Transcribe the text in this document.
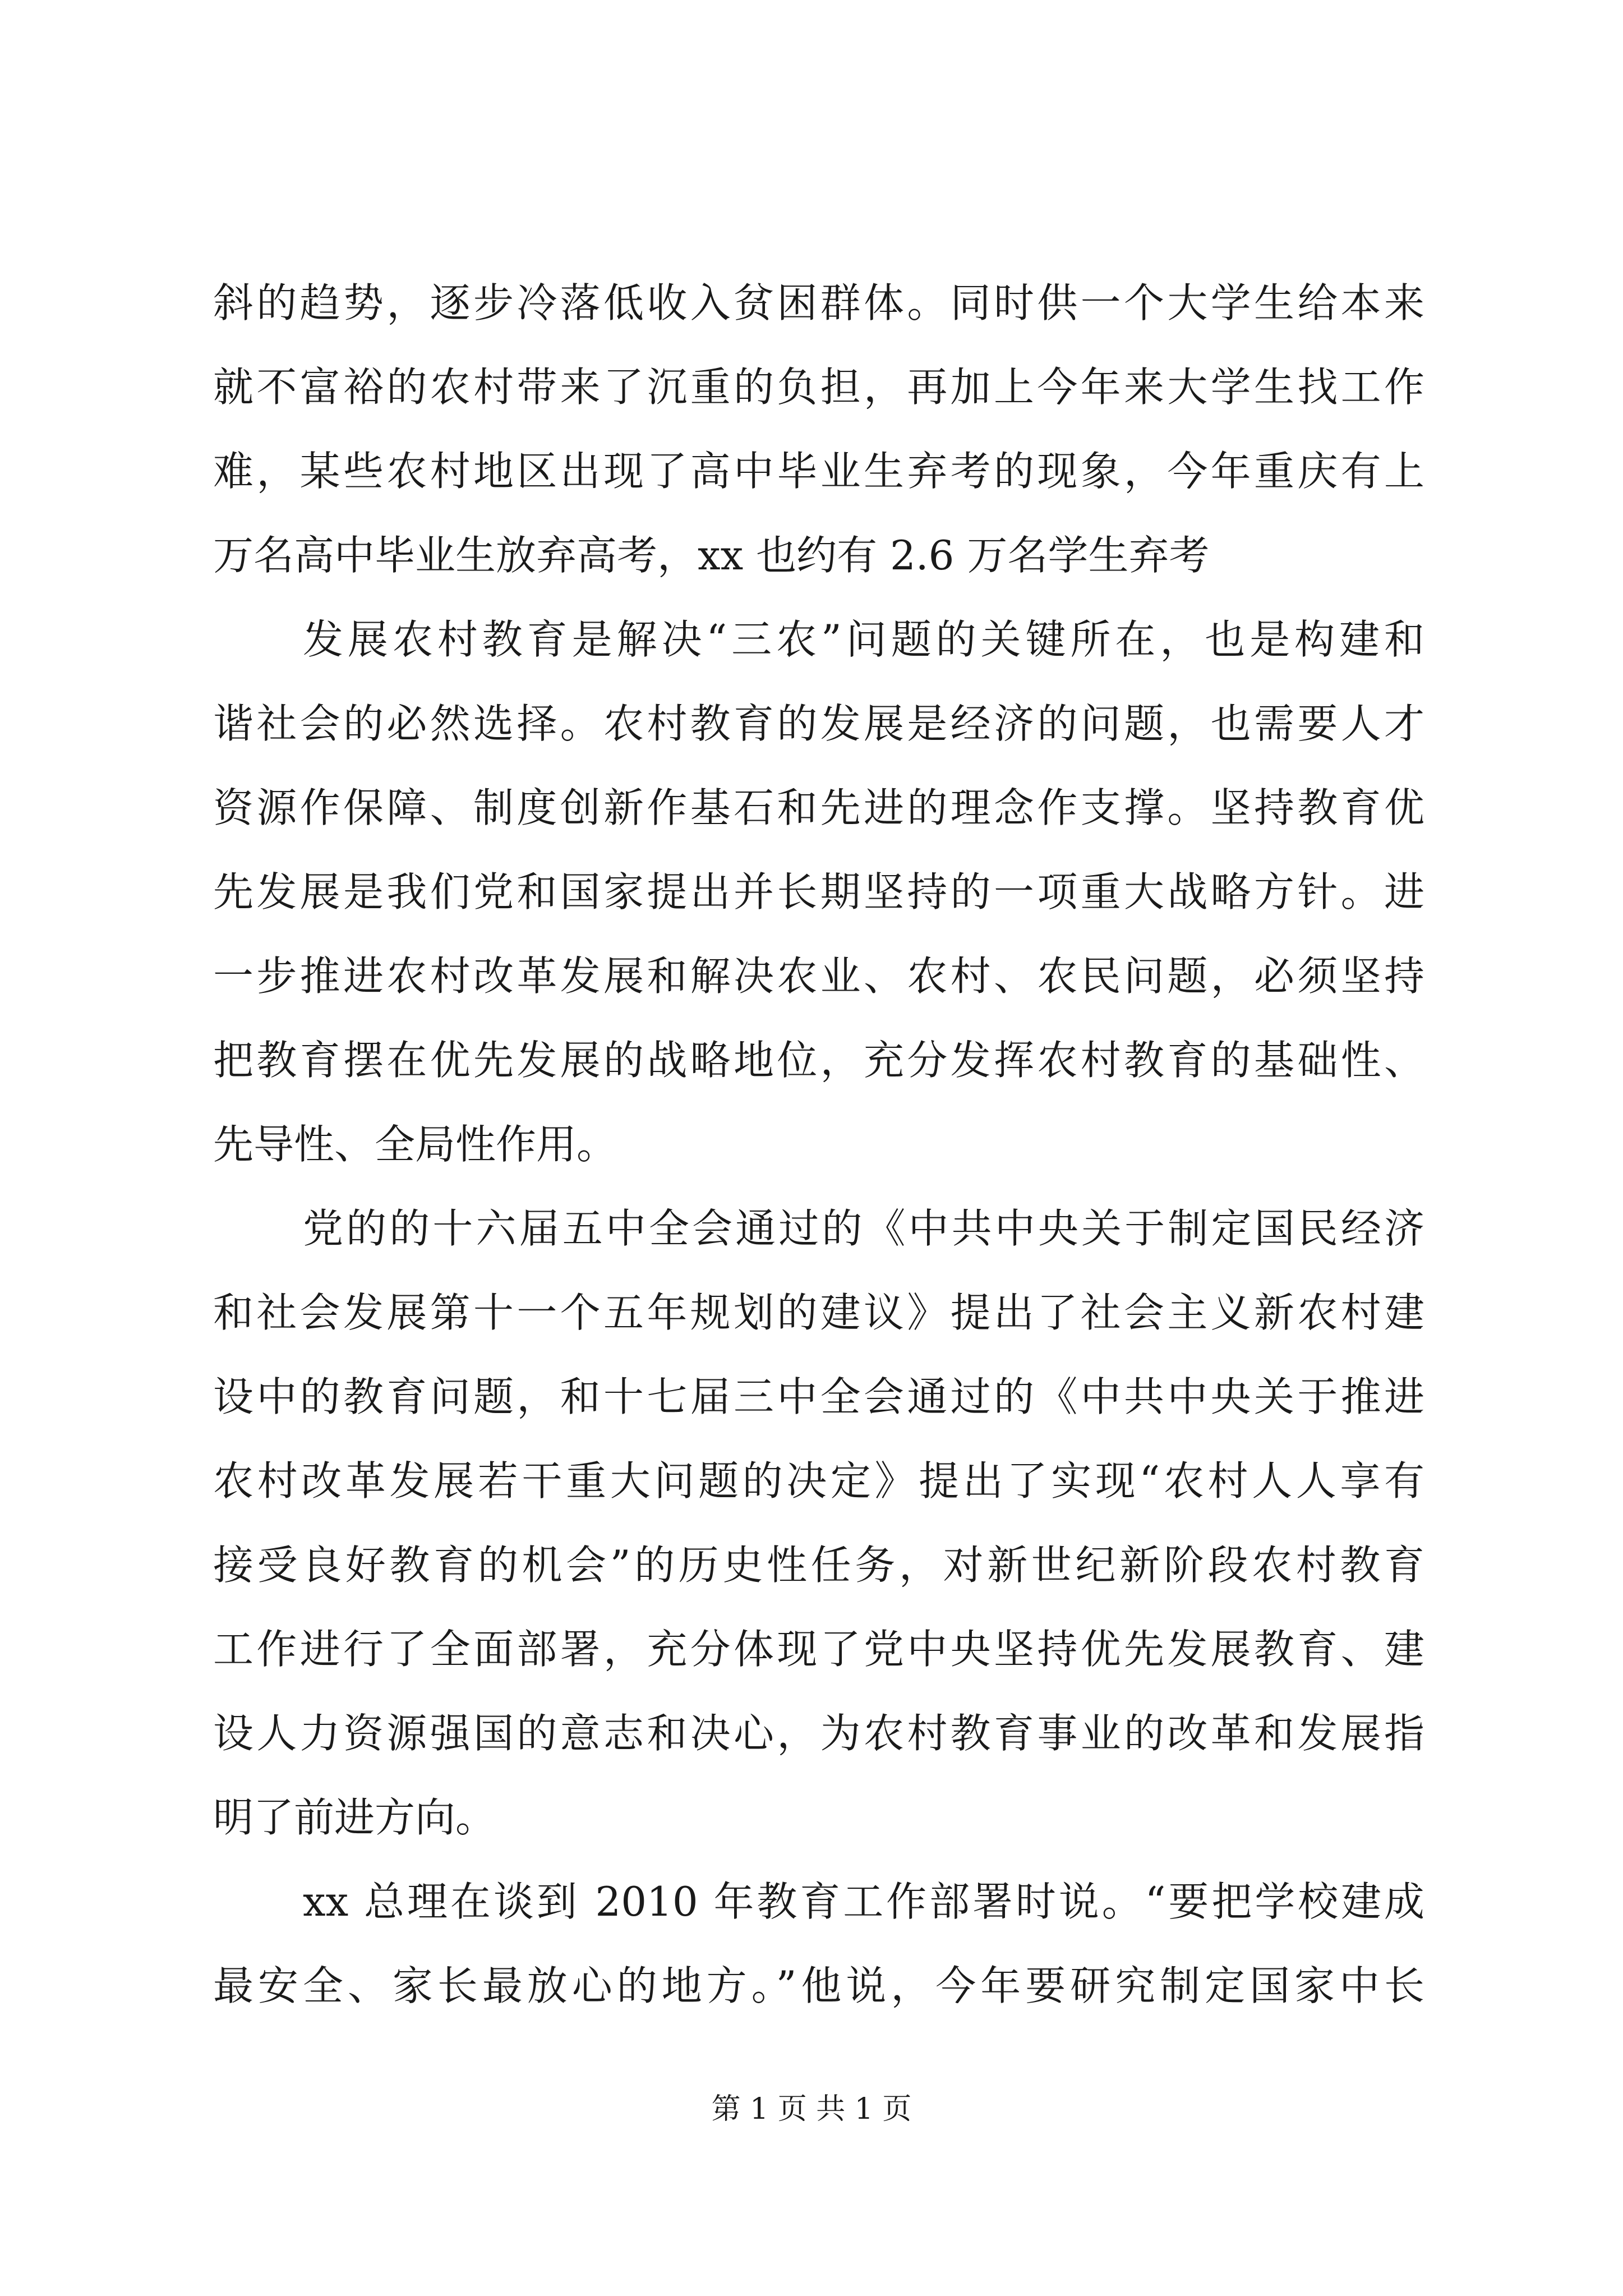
斜的趋势，逐步冷落低收入贫困群体。同时供一个大学生给本来
就不富裕的农村带来了沉重的负担，再加上今年来大学生找工作
难，某些农村地区出现了高中毕业生弃考的现象，今年重庆有上
万名高中毕业生放弃高考，xx 也约有 2.6 万名学生弃考
发展农村教育是解决“三农”问题的关键所在，也是构建和
谐社会的必然选择。农村教育的发展是经济的问题，也需要人才
资源作保障、制度创新作基石和先进的理念作支撑。坚持教育优
先发展是我们党和国家提出并长期坚持的一项重大战略方针。进
一步推进农村改革发展和解决农业、农村、农民问题，必须坚持
把教育摆在优先发展的战略地位，充分发挥农村教育的基础性、
先导性、全局性作用。
党的的十六届五中全会通过的《中共中央关于制定国民经济
和社会发展第十一个五年规划的建议》提出了社会主义新农村建
设中的教育问题，和十七届三中全会通过的《中共中央关于推进
农村改革发展若干重大问题的决定》提出了实现“农村人人享有
接受良好教育的机会”的历史性任务，对新世纪新阶段农村教育
工作进行了全面部署，充分体现了党中央坚持优先发展教育、建
设人力资源强国的意志和决心，为农村教育事业的改革和发展指
明了前进方向。
xx 总理在谈到 2010 年教育工作部署时说。“要把学校建成
最安全、家长最放心的地方。”他说，今年要研究制定国家中长
第 1 页 共 1 页
